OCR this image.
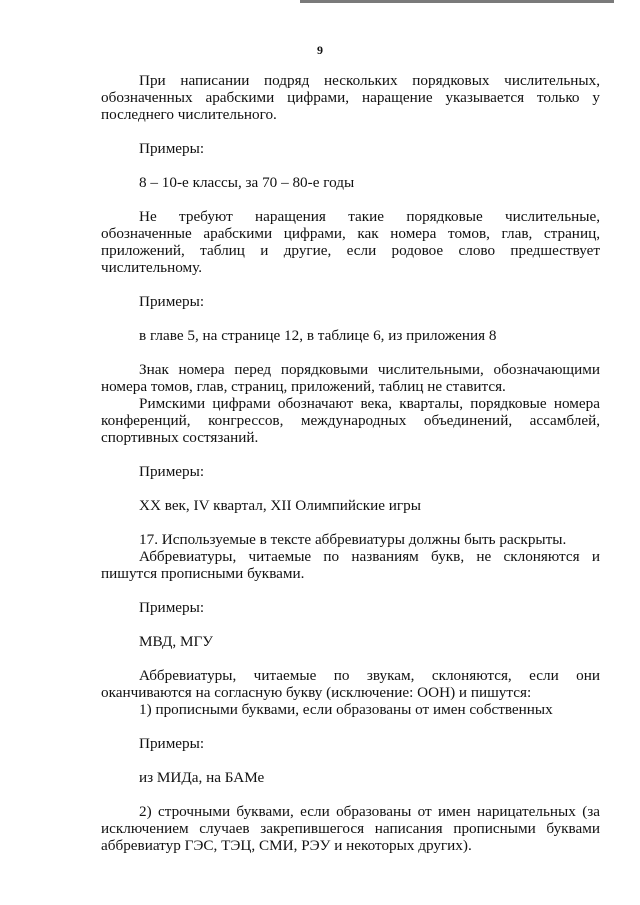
9

При написании подряд нескольких порядковых числительных, обозначенных арабскими цифрами, наращение указывается только у последнего числительного.

Примеры:

8 – 10-е классы, за 70 – 80-е годы

Не требуют наращения такие порядковые числительные, обозначенные арабскими цифрами, как номера томов, глав, страниц, приложений, таблиц и другие, если родовое слово предшествует числительному.

Примеры:

в главе 5, на странице 12, в таблице 6, из приложения 8

Знак номера перед порядковыми числительными, обозначающими номера томов, глав, страниц, приложений, таблиц не ставится.

Римскими цифрами обозначают века, кварталы, порядковые номера конференций, конгрессов, международных объединений, ассамблей, спортивных состязаний.

Примеры:

XX век, IV квартал, XII Олимпийские игры

17. Используемые в тексте аббревиатуры должны быть раскрыты.

Аббревиатуры, читаемые по названиям букв, не склоняются и пишутся прописными буквами.

Примеры:

МВД, МГУ

Аббревиатуры, читаемые по звукам, склоняются, если они оканчиваются на согласную букву (исключение: ООН) и пишутся:

1) прописными буквами, если образованы от имен собственных

Примеры:

из МИДа, на БАМе

2) строчными буквами, если образованы от имен нарицательных (за исключением случаев закрепившегося написания прописными буквами аббревиатур ГЭС, ТЭЦ, СМИ, РЭУ и некоторых других).
